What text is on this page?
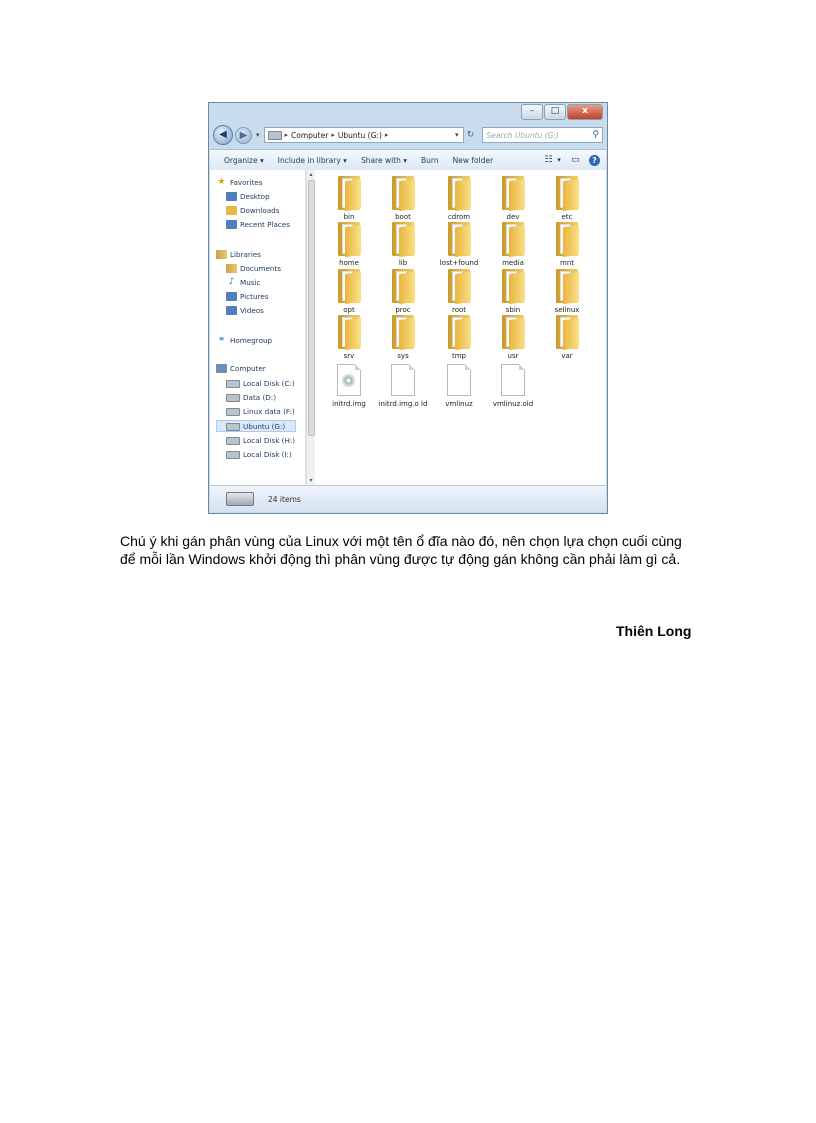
–	□	x
◀	▶	▾	▸ Computer ▸ Ubuntu (G:) ▸	▾ ↻	Search Ubuntu (G:)	⚲
Organize ▾ Include in library ▾ Share with ▾ Burn New folder	☷ ▾ ▭	?
★ Favorites
Desktop
Downloads
Recent Places
Libraries
Documents
♪ Music
Pictures
Videos
⚭ Homegroup
Computer
Local Disk (C:)
Data (D:)
Linux data (F:)
Ubuntu (G:)
Local Disk (H:)
Local Disk (I:)
▴
▾
bin	boot	cdrom	dev	etc
home	lib	lost+found	media	mnt
opt	proc	root	sbin	selinux
srv	sys	tmp	usr	var
initrd.img	initrd.img.o ld	vmlinuz	vmlinuz.old
24 items

Chú ý khi gán phân vùng của Linux với một tên ổ đĩa nào đó, nên chọn lựa chọn cuối cùng để mỗi lần Windows khởi động thì phân vùng được tự động gán không cần phải làm gì cả.

Thiên Long
